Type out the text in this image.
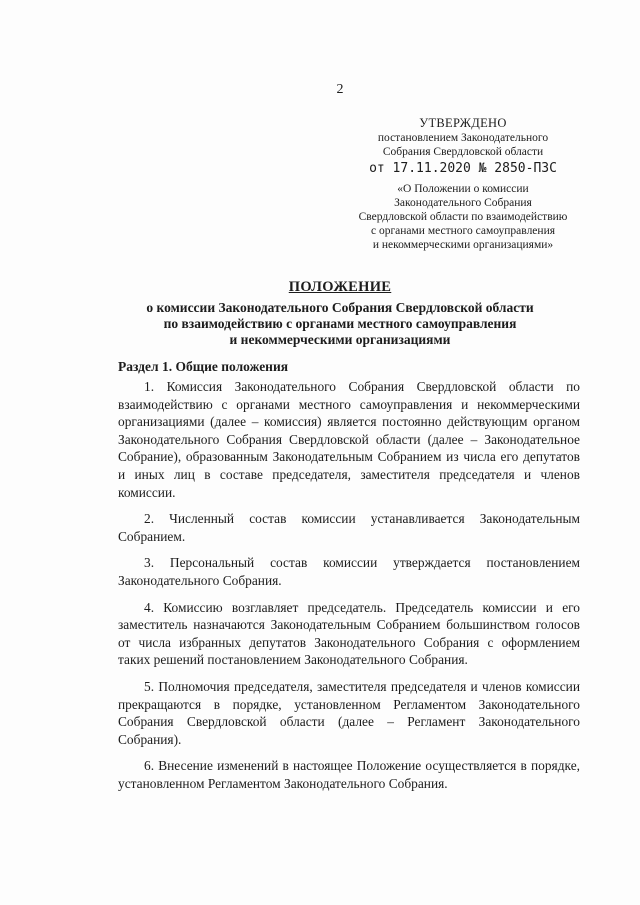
2
УТВЕРЖДЕНО
постановлением Законодательного
Собрания Свердловской области
от 17.11.2020 № 2850-ПЗС
«О Положении о комиссии
Законодательного Собрания
Свердловской области по взаимодействию
с органами местного самоуправления
и некоммерческими организациями»
ПОЛОЖЕНИЕ
о комиссии Законодательного Собрания Свердловской области
по взаимодействию с органами местного самоуправления
и некоммерческими организациями
Раздел 1. Общие положения

1. Комиссия Законодательного Собрания Свердловской области по взаимодействию с органами местного самоуправления и некоммерческими организациями (далее – комиссия) является постоянно действующим органом Законодательного Собрания Свердловской области (далее – Законодательное Собрание), образованным Законодательным Собранием из числа его депутатов и иных лиц в составе председателя, заместителя председателя и членов комиссии.

2. Численный состав комиссии устанавливается Законодательным Собранием.

3. Персональный состав комиссии утверждается постановлением Законодательного Собрания.

4. Комиссию возглавляет председатель. Председатель комиссии и его заместитель назначаются Законодательным Собранием большинством голосов от числа избранных депутатов Законодательного Собрания с оформлением таких решений постановлением Законодательного Собрания.

5. Полномочия председателя, заместителя председателя и членов комиссии прекращаются в порядке, установленном Регламентом Законодательного Собрания Свердловской области (далее – Регламент Законодательного Собрания).

6. Внесение изменений в настоящее Положение осуществляется в порядке, установленном Регламентом Законодательного Собрания.
